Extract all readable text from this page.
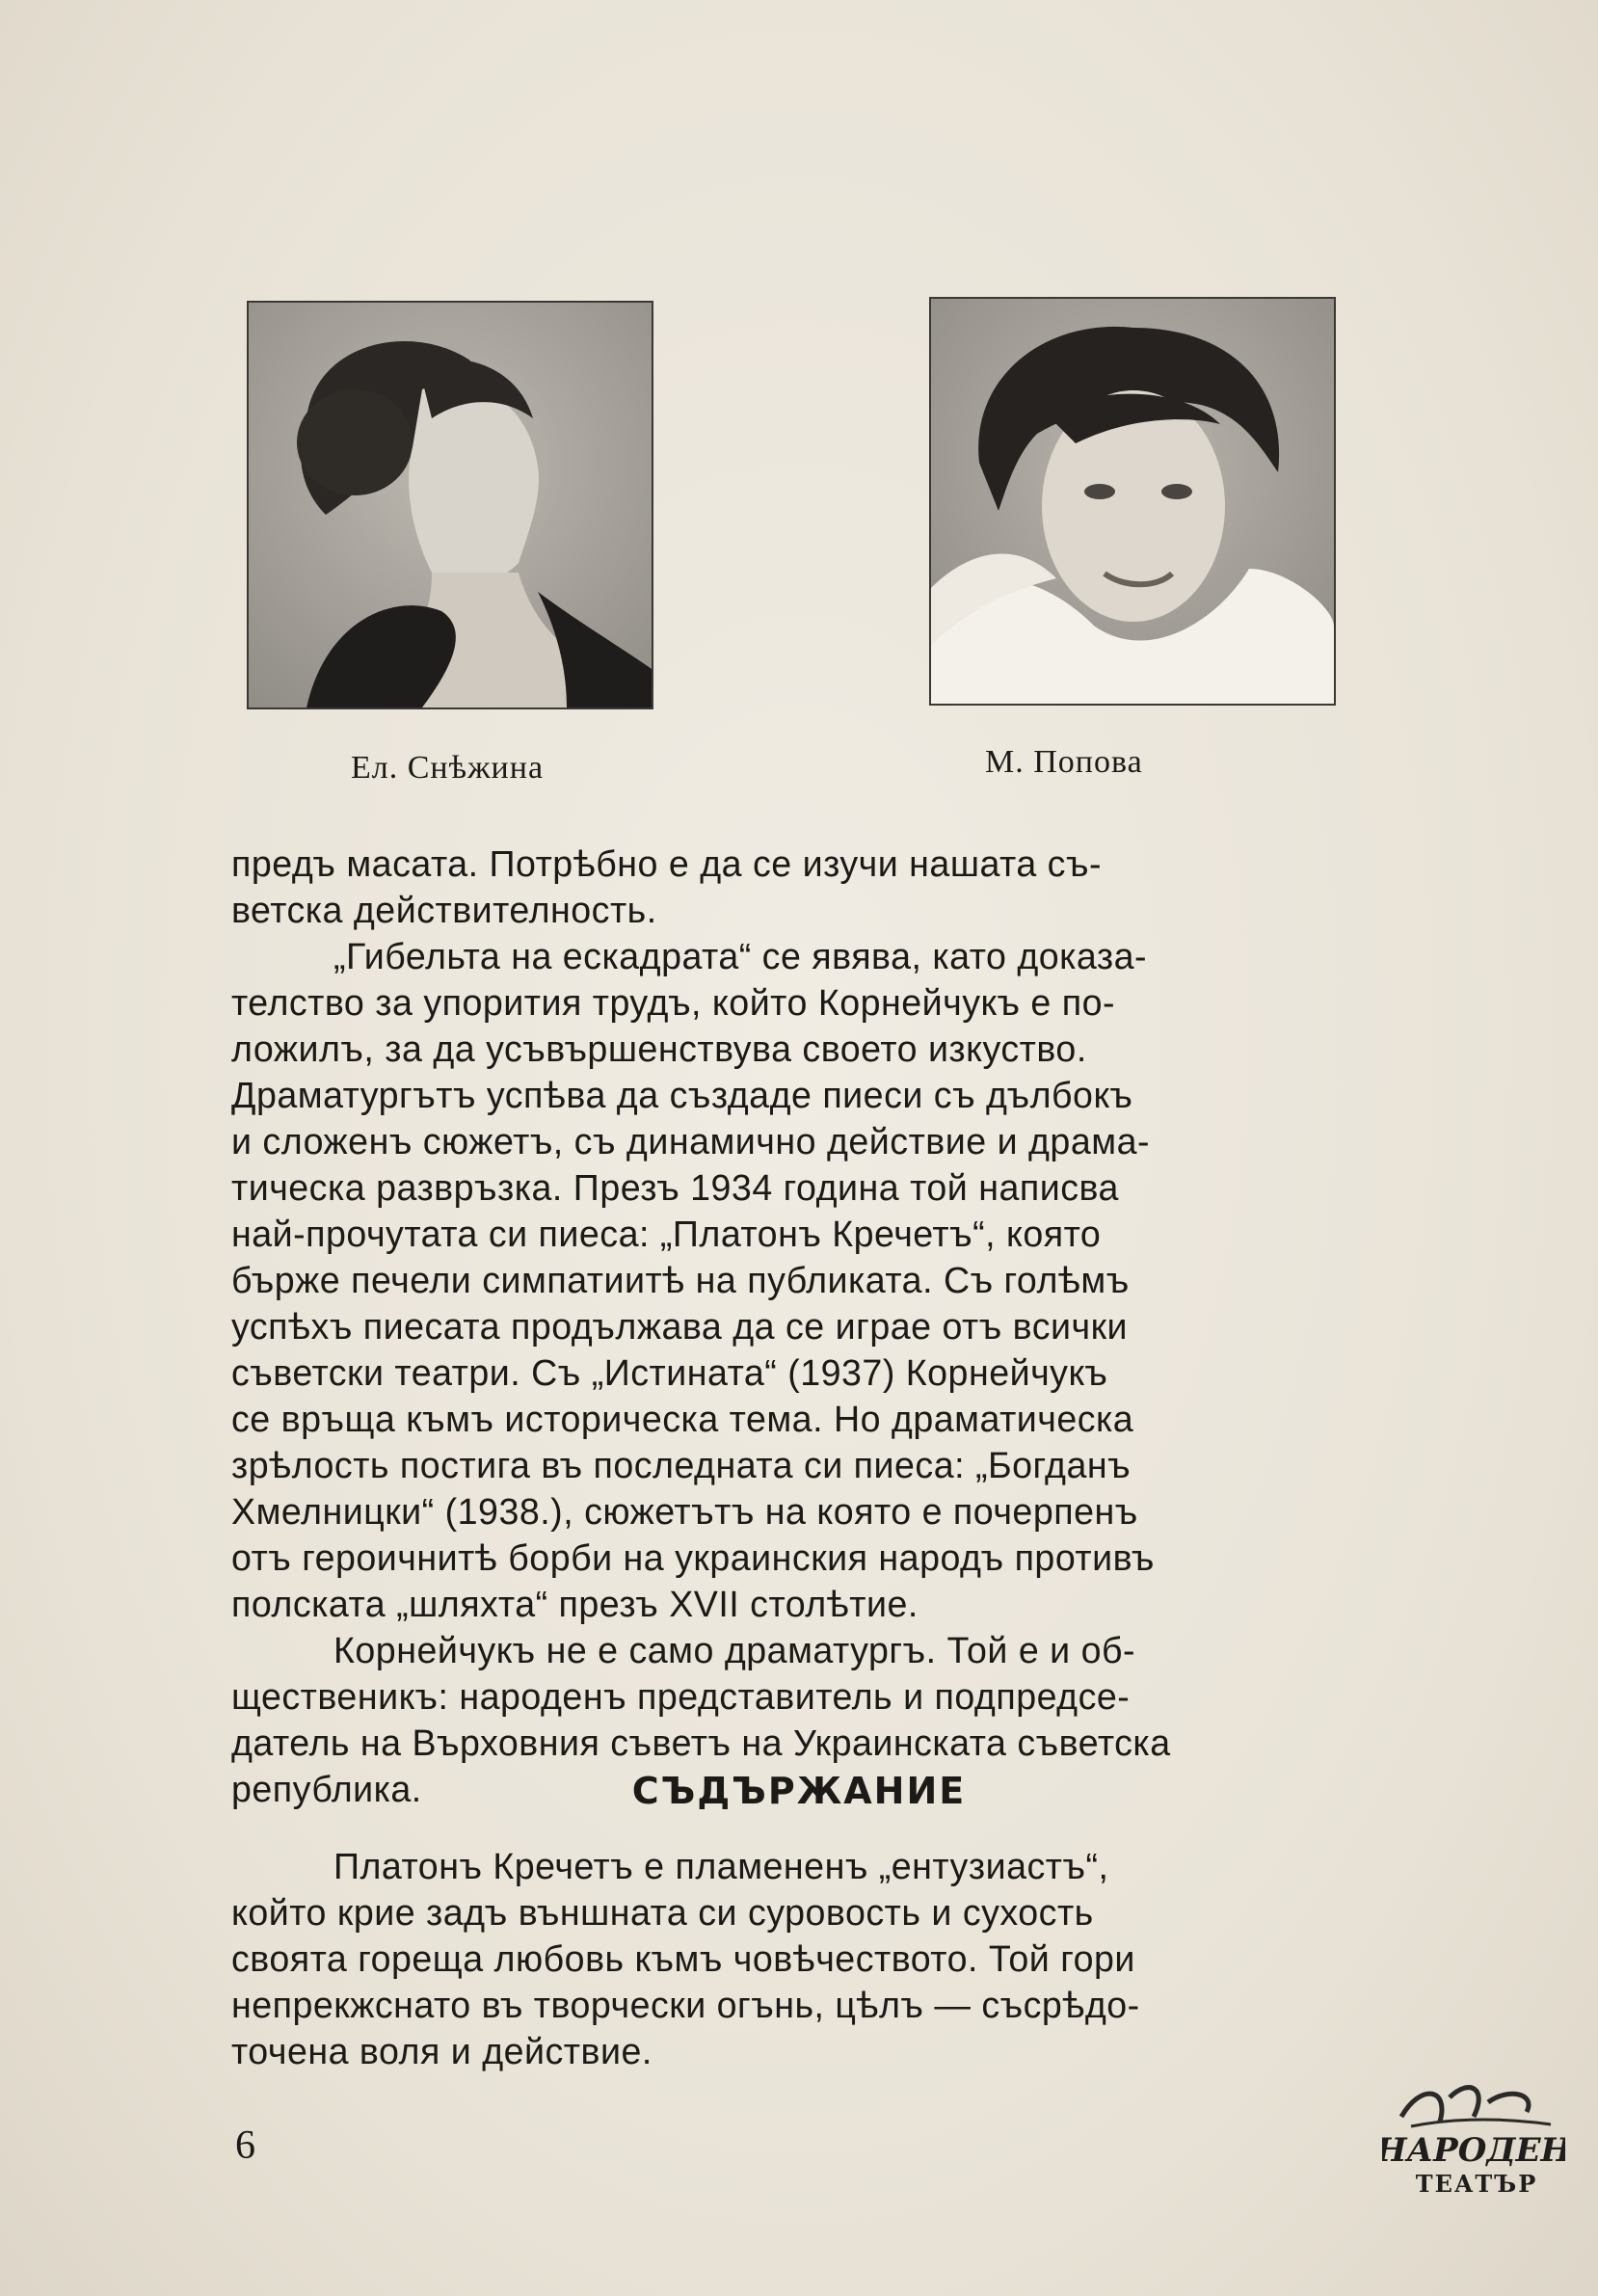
Ел. Снѣжина	М. Попова

предъ масата. Потрѣбно е да се изучи нашата съ-
ветска действителность.

„Гибельта на ескадрата“ се явява, като доказа-
телство за упорития трудъ, който Корнейчукъ е по-
ложилъ, за да усъвършенствува своето изкуство.
Драматургътъ успѣва да създаде пиеси съ дълбокъ
и сложенъ сюжетъ, съ динамично действие и драма-
тическа развръзка. Презъ 1934 година той написва
най-прочутата си пиеса: „Платонъ Кречетъ“, която
бърже печели симпатиитѣ на публиката. Съ голѣмъ
успѣхъ пиесата продължава да се играе отъ всички
съветски театри. Съ „Истината“ (1937) Корнейчукъ
се връща къмъ историческа тема. Но драматическа
зрѣлость постига въ последната си пиеса: „Богданъ
Хмелницки“ (1938.), сюжетътъ на която е почерпенъ
отъ героичнитѣ борби на украинския народъ противъ
полската „шляхта“ презъ XVII столѣтие.

Корнейчукъ не е само драматургъ. Той е и об-
щественикъ: народенъ представитель и подпредсе-
датель на Върховния съветъ на Украинската съветска
република.	СЪДЪРЖАНИЕ

Платонъ Кречетъ е пламененъ „ентузиастъ“,
който крие задъ външната си суровость и сухость
своята гореща любовь къмъ човѣчеството. Той гори
непрекжснато въ творчески огънь, цѣлъ — съсрѣдо-
точена воля и действие.

6	НАРОДЕН
ТЕАТЪР
